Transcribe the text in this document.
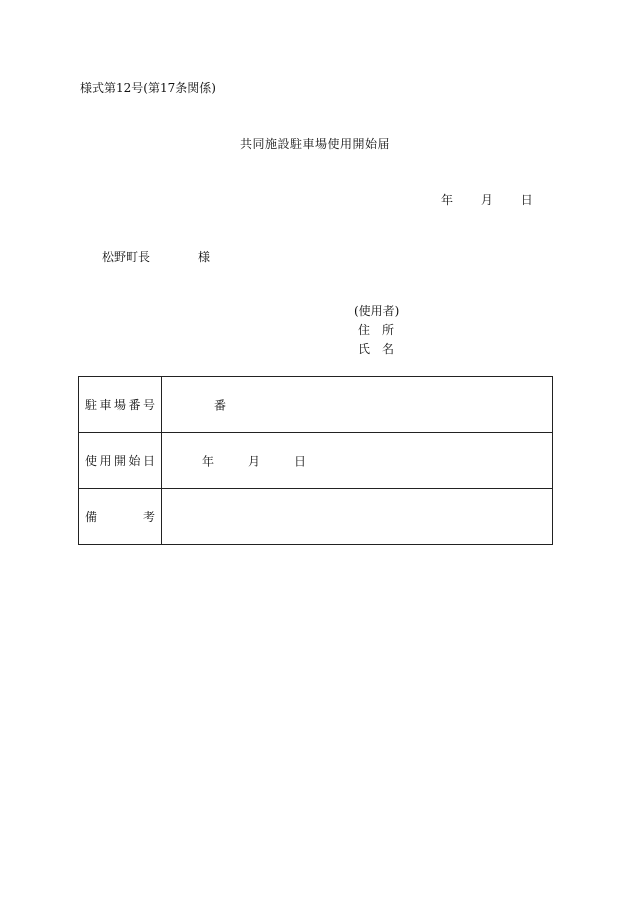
様式第12号(第17条関係)
共同施設駐車場使用開始届
年 月 日
松野町長	様
(使用者)
住 所
氏 名
駐車場番号	番

使用開始日	年 月 日

備 考	
